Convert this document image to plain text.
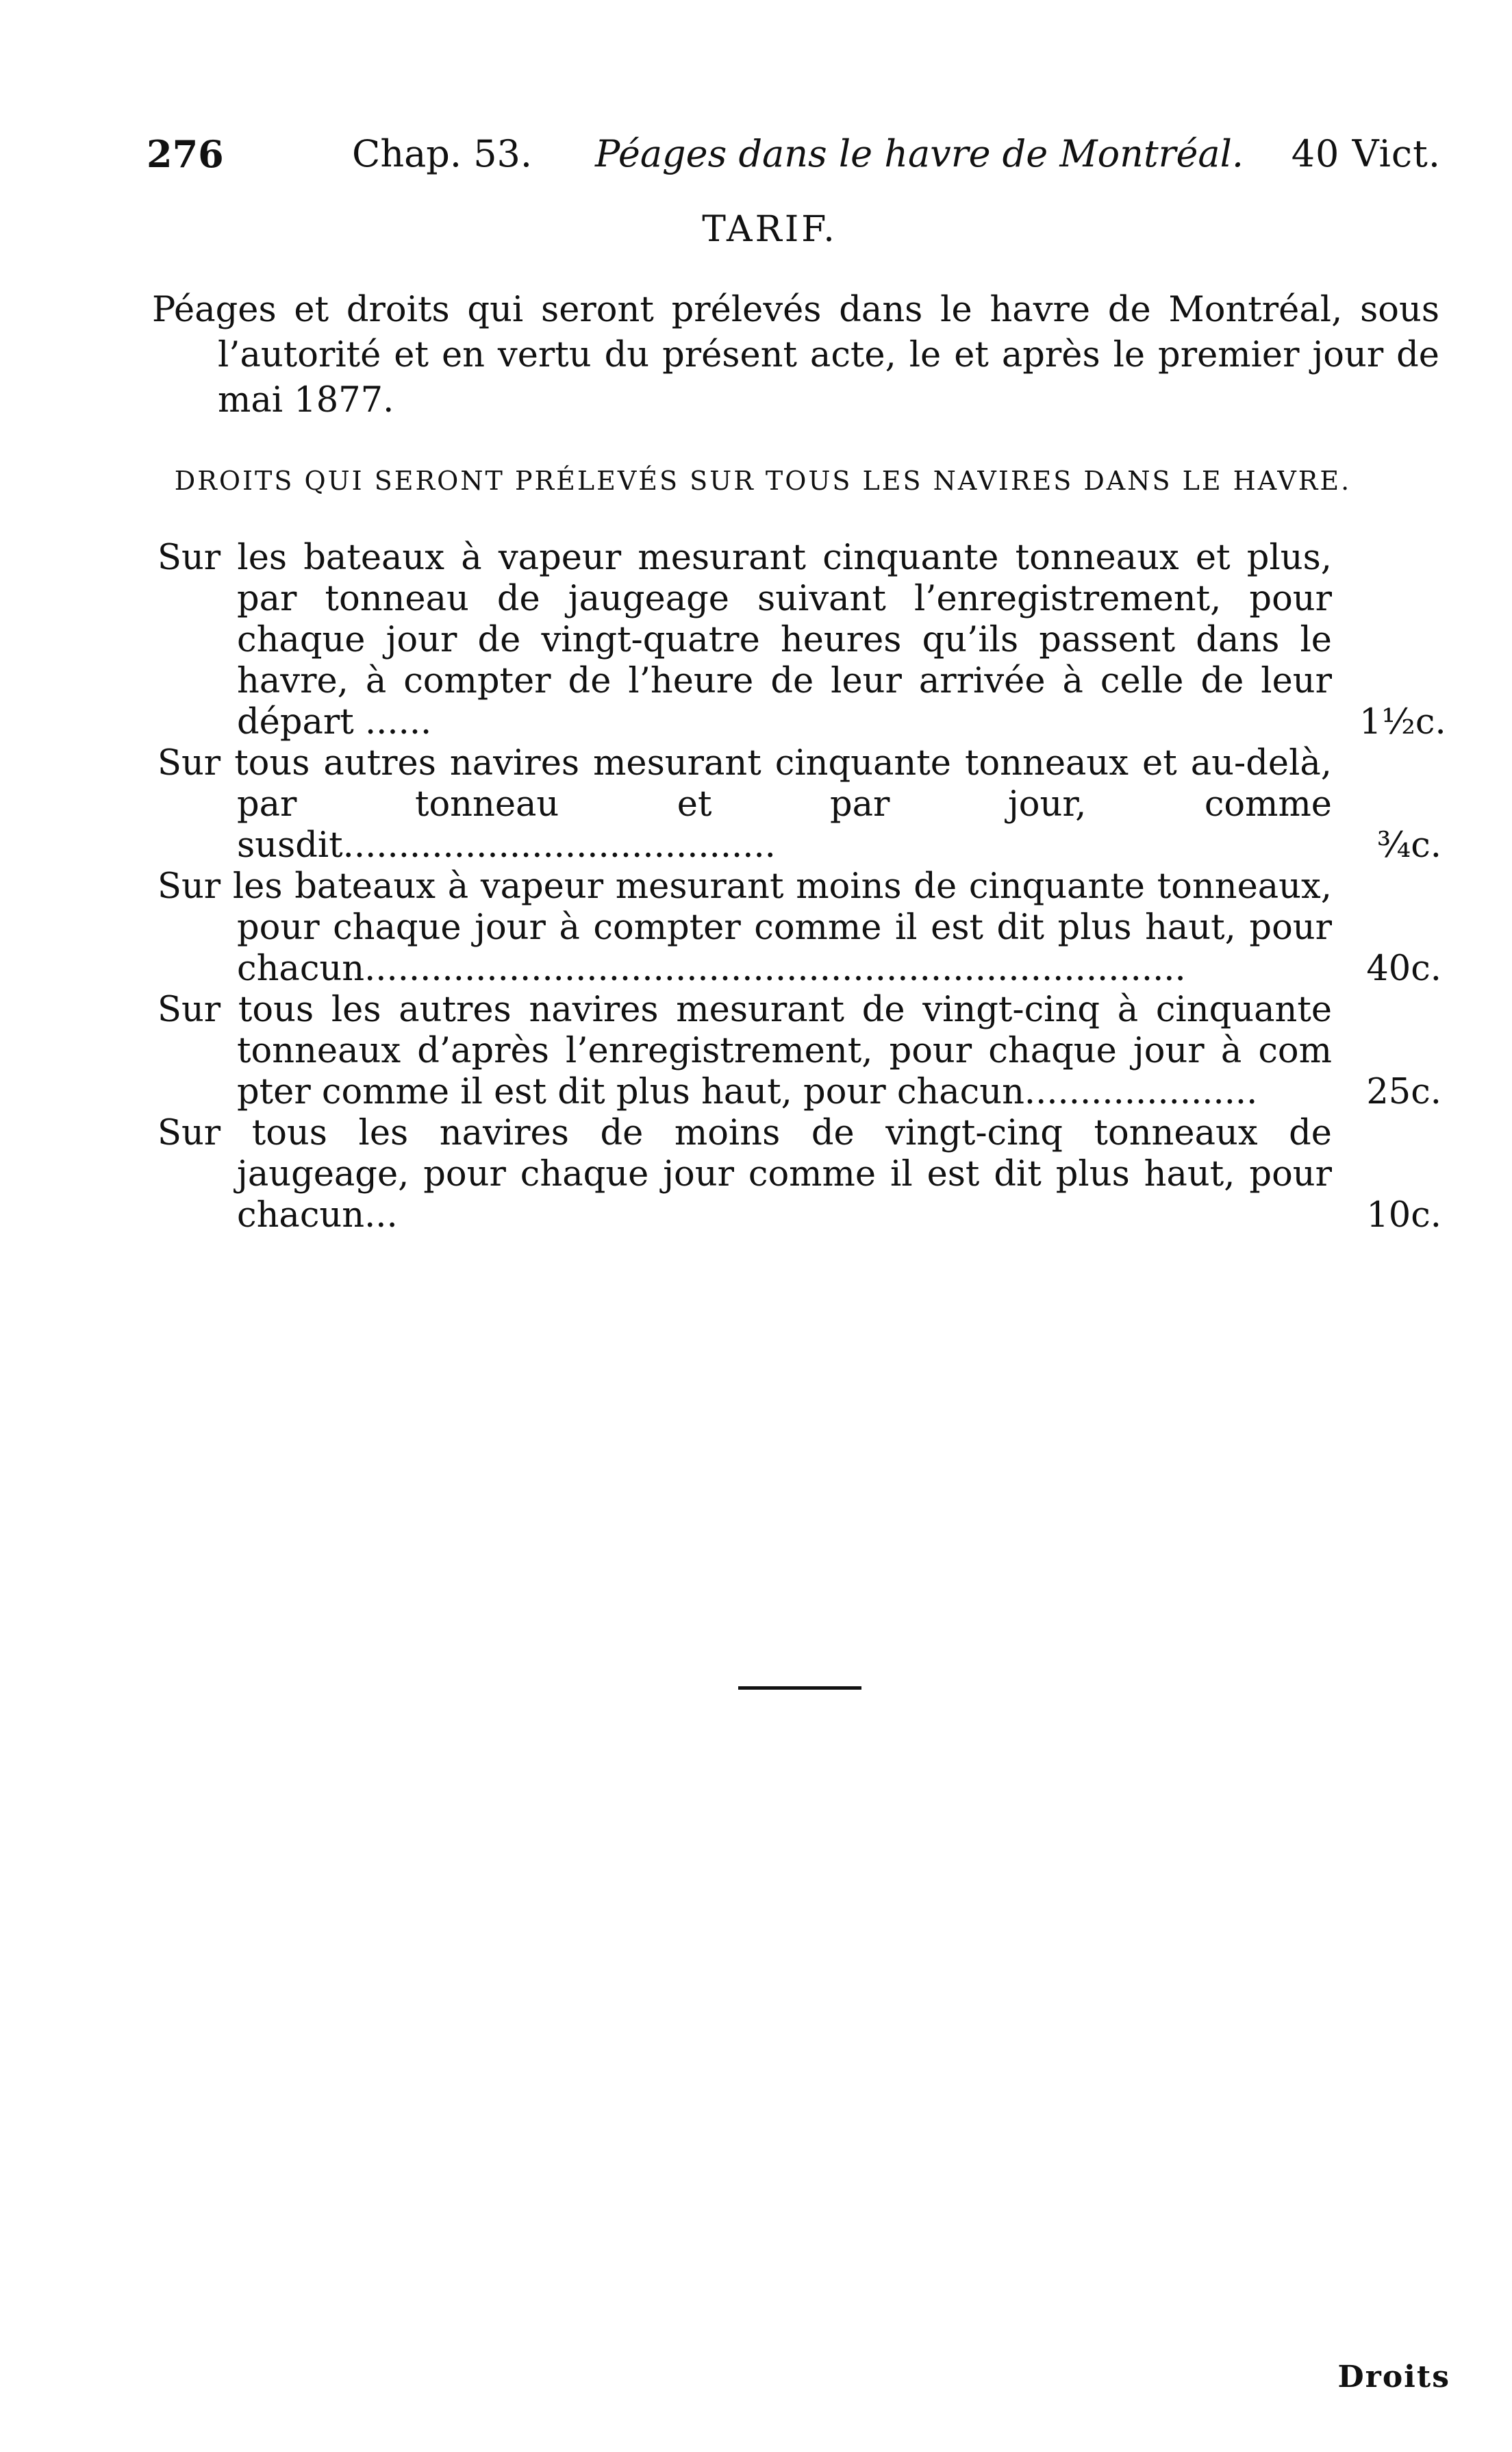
276	Chap. 53. Péages dans le havre de Montréal. 40 Vict.
TARIF.
Péages et droits qui seront prélevés dans le havre de Montréal, sous l’autorité et en vertu du présent acte, le et après le premier jour de mai 1877.
DROITS QUI SERONT PRÉLEVÉS SUR TOUS LES NAVIRES DANS LE HAVRE.
Sur les bateaux à vapeur mesurant cinquante tonneaux et plus, par tonneau de jaugeage suivant l’enregistrement, pour chaque jour de vingt-quatre heures qu’ils passent dans le havre, à compter de l’heure de leur arrivée à celle de leur départ ......	1½c.
Sur tous autres navires mesurant cinquante tonneaux et au-delà, par tonneau et par jour, comme susdit.......................................	¾c.
Sur les bateaux à vapeur mesurant moins de cinquante tonneaux, pour chaque jour à compter comme il est dit plus haut, pour chacun..........................................................................	40c.
Sur tous les autres navires mesurant de vingt-cinq à cinquante tonneaux d’après l’enregistrement, pour chaque jour à com pter comme il est dit plus haut, pour chacun.....................	25c.
Sur tous les navires de moins de vingt-cinq tonneaux de jaugeage, pour chaque jour comme il est dit plus haut, pour chacun...	10c.
Droits
